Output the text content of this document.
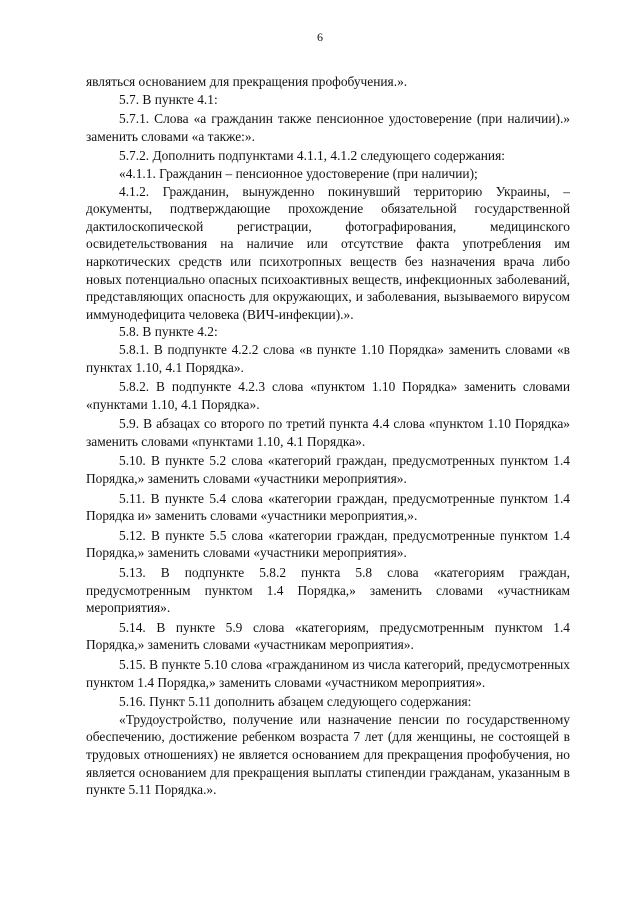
6

являться основанием для прекращения профобучения.».

5.7. В пункте 4.1:

5.7.1. Слова «а гражданин также пенсионное удостоверение (при наличии).» заменить словами «а также:».

5.7.2. Дополнить подпунктами 4.1.1, 4.1.2 следующего содержания:

«4.1.1. Гражданин – пенсионное удостоверение (при наличии);

4.1.2. Гражданин, вынужденно покинувший территорию Украины, – документы, подтверждающие прохождение обязательной государственной дактилоскопической регистрации, фотографирования, медицинского освидетельствования на наличие или отсутствие факта употребления им наркотических средств или психотропных веществ без назначения врача либо новых потенциально опасных психоактивных веществ, инфекционных заболеваний, представляющих опасность для окружающих, и заболевания, вызываемого вирусом иммунодефицита человека (ВИЧ-инфекции).».

5.8. В пункте 4.2:

5.8.1. В подпункте 4.2.2 слова «в пункте 1.10 Порядка» заменить словами «в пунктах 1.10, 4.1 Порядка».

5.8.2. В подпункте 4.2.3 слова «пунктом 1.10 Порядка» заменить словами «пунктами 1.10, 4.1 Порядка».

5.9. В абзацах со второго по третий пункта 4.4 слова «пунктом 1.10 Порядка» заменить словами «пунктами 1.10, 4.1 Порядка».

5.10. В пункте 5.2 слова «категорий граждан, предусмотренных пунктом 1.4 Порядка,» заменить словами «участники мероприятия».

5.11. В пункте 5.4 слова «категории граждан, предусмотренные пунктом 1.4 Порядка и» заменить словами «участники мероприятия,».

5.12. В пункте 5.5 слова «категории граждан, предусмотренные пунктом 1.4 Порядка,» заменить словами «участники мероприятия».

5.13. В подпункте 5.8.2 пункта 5.8 слова «категориям граждан, предусмотренным пунктом 1.4 Порядка,» заменить словами «участникам мероприятия».

5.14. В пункте 5.9 слова «категориям, предусмотренным пунктом 1.4 Порядка,» заменить словами «участникам мероприятия».

5.15. В пункте 5.10 слова «гражданином из числа категорий, предусмотренных пунктом 1.4 Порядка,» заменить словами «участником мероприятия».

5.16. Пункт 5.11 дополнить абзацем следующего содержания:

«Трудоустройство, получение или назначение пенсии по государственному обеспечению, достижение ребенком возраста 7 лет (для женщины, не состоящей в трудовых отношениях) не является основанием для прекращения профобучения, но является основанием для прекращения выплаты стипендии гражданам, указанным в пункте 5.11 Порядка.».
